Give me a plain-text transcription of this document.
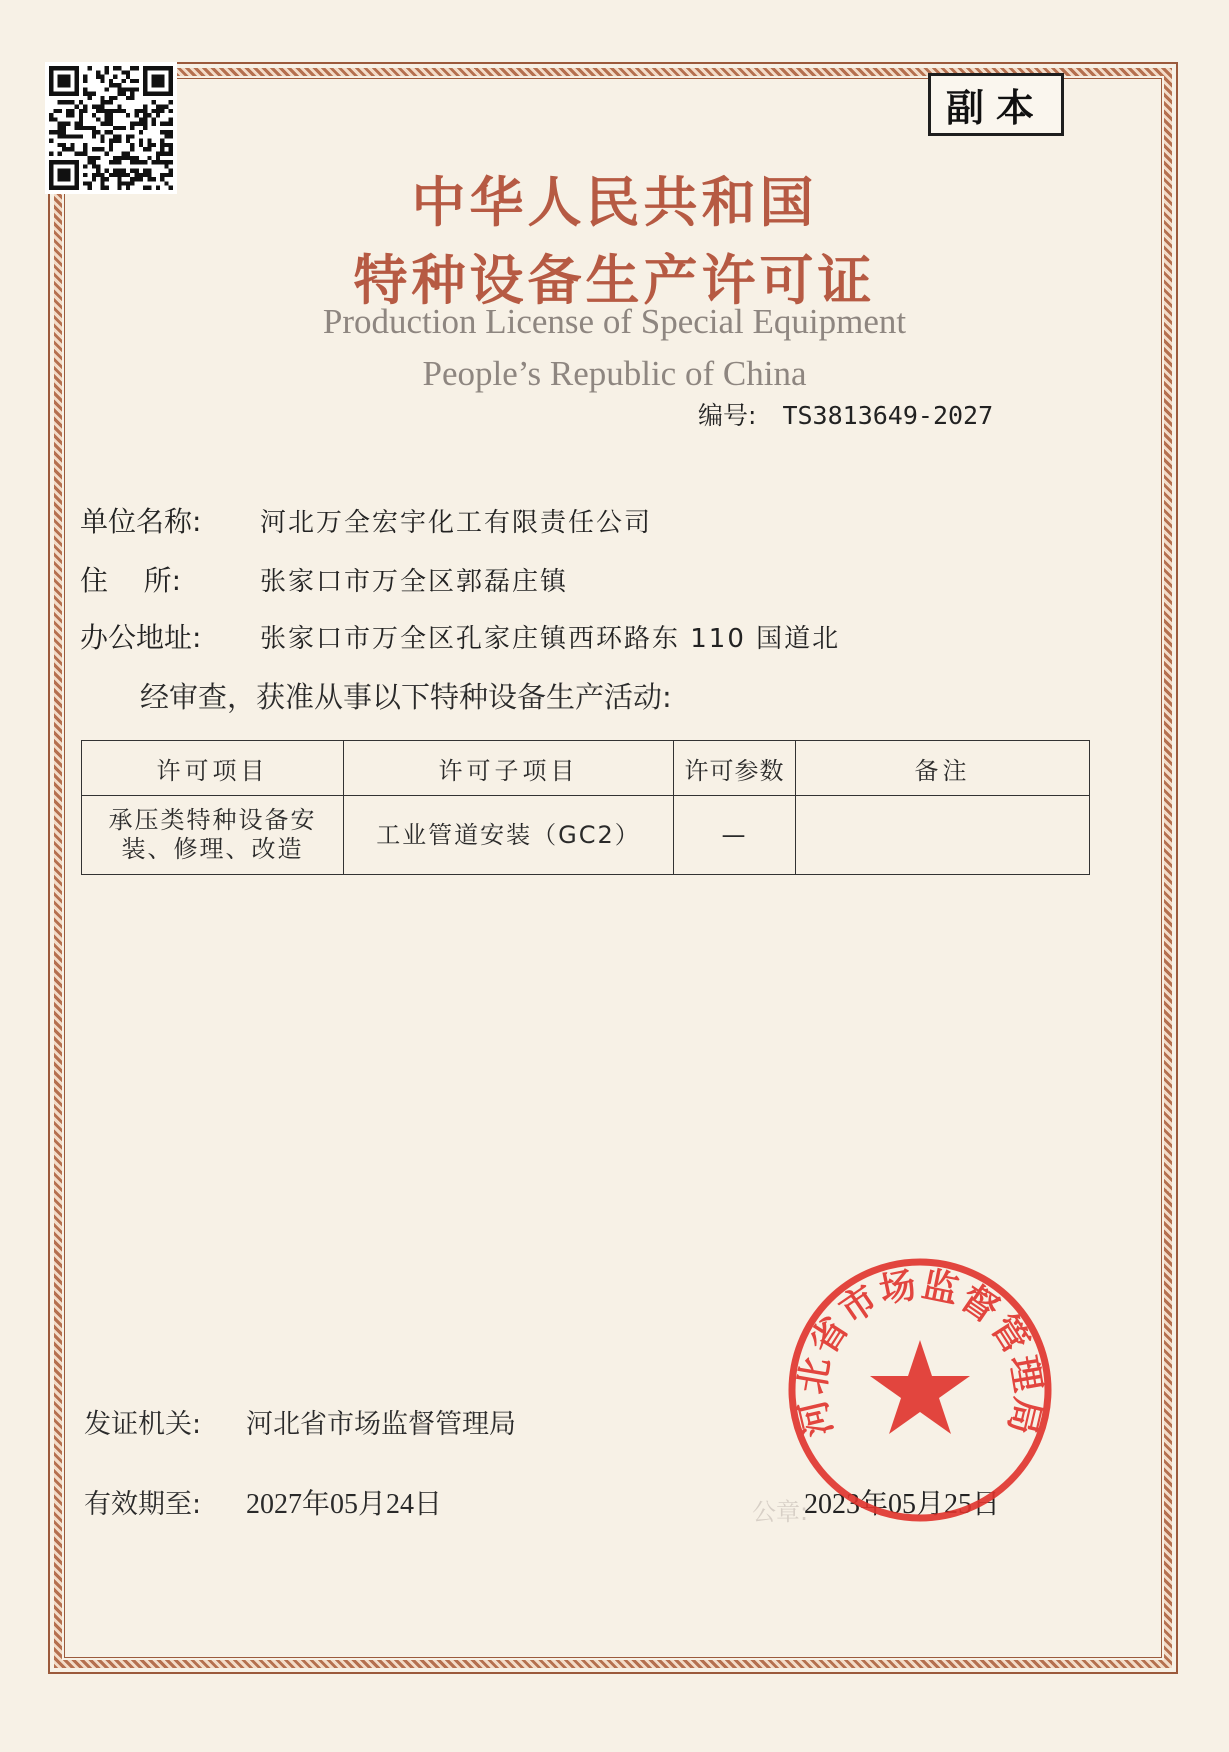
副本
中华人民共和国
特种设备生产许可证
Production License of Special Equipment
People’s Republic of China
编号: TS3813649-2027
单位名称: 河北万全宏宇化工有限责任公司
住    所:	张家口市万全区郭磊庄镇
办公地址: 张家口市万全区孔家庄镇西环路东 110 国道北
经审查，获准从事以下特种设备生产活动:
许可项目	许可子项目	许可参数	备注
承压类特种设备安装、修理、改造	工业管道安装（GC2）	—	
发证机关: 河北省市场监督管理局
有效期至: 2027年05月24日	公章:
2023年05月25日
河北省市场监督管理局
